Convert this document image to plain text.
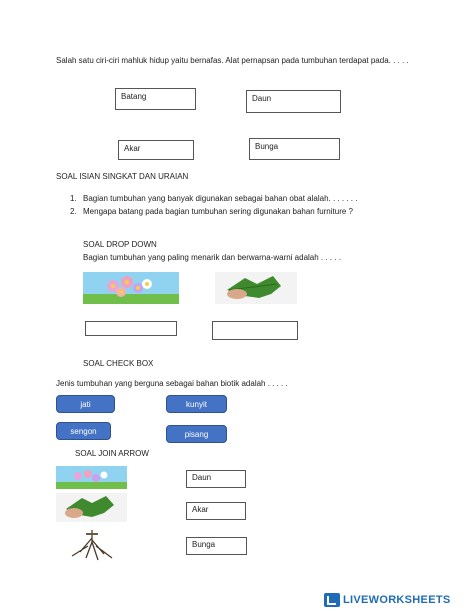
Salah satu ciri-ciri mahluk hidup yaitu bernafas. Alat pernapsan pada tumbuhan terdapat pada. . . . .
Batang	Daun
Akar	Bunga
SOAL ISIAN SINGKAT DAN URAIAN
1. Bagian tumbuhan yang banyak digunakan sebagai bahan obat alalah. . . . . . .
2. Mengapa batang pada bagian tumbuhan sering digunakan bahan furniture ?
SOAL DROP DOWN
Bagian tumbuhan yang paling menarik dan berwarna-warni adalah . . . . .
SOAL CHECK BOX
Jenis tumbuhan yang berguna sebagai bahan biotik adalah . . . . .
jati	kunyit
sengon	pisang
SOAL JOIN ARROW
Daun
Akar
Bunga
LIVEWORKSHEETS
